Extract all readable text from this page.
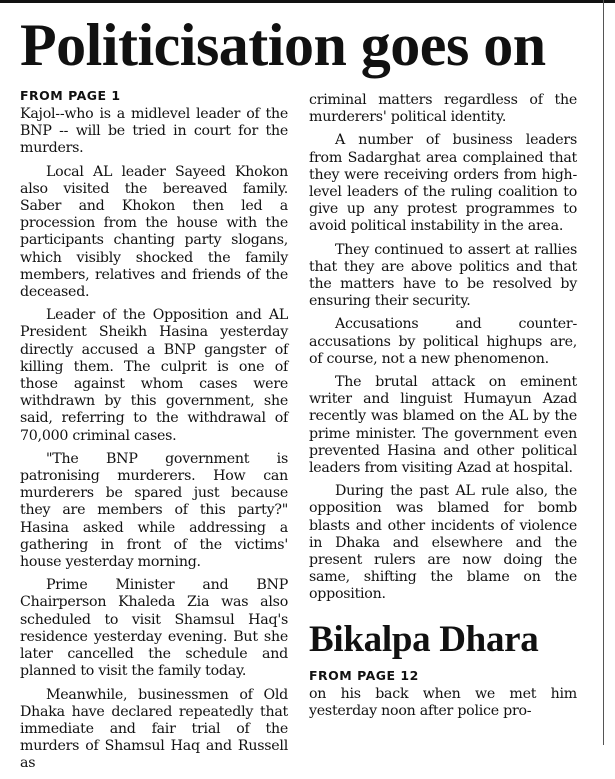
Politicisation goes on
FROM PAGE 1

Kajol--who is a midlevel leader of the BNP -- will be tried in court for the murders.

Local AL leader Sayeed Khokon also visited the bereaved family. Saber and Khokon then led a procession from the house with the participants chanting party slogans, which visibly shocked the family members, relatives and friends of the deceased.

Leader of the Opposition and AL President Sheikh Hasina yesterday directly accused a BNP gangster of killing them. The culprit is one of those against whom cases were withdrawn by this government, she said, referring to the withdrawal of 70,000 criminal cases.

"The BNP government is patronising murderers. How can murderers be spared just because they are members of this party?" Hasina asked while addressing a gathering in front of the victims' house yesterday morning.

Prime Minister and BNP Chairperson Khaleda Zia was also scheduled to visit Shamsul Haq's residence yesterday evening. But she later cancelled the schedule and planned to visit the family today.

Meanwhile, businessmen of Old Dhaka have declared repeatedly that immediate and fair trial of the murders of Shamsul Haq and Russell as

criminal matters regardless of the murderers' political identity.

A number of business leaders from Sadarghat area complained that they were receiving orders from high-level leaders of the ruling coalition to give up any protest programmes to avoid political instability in the area.

They continued to assert at rallies that they are above politics and that the matters have to be resolved by ensuring their security.

Accusations and counter-accusations by political highups are, of course, not a new phenomenon.

The brutal attack on eminent writer and linguist Humayun Azad recently was blamed on the AL by the prime minister. The government even prevented Hasina and other political leaders from visiting Azad at hospital.

During the past AL rule also, the opposition was blamed for bomb blasts and other incidents of violence in Dhaka and elsewhere and the present rulers are now doing the same, shifting the blame on the opposition.

Bikalpa Dhara
FROM PAGE 12

on his back when we met him yesterday noon after police pro-
